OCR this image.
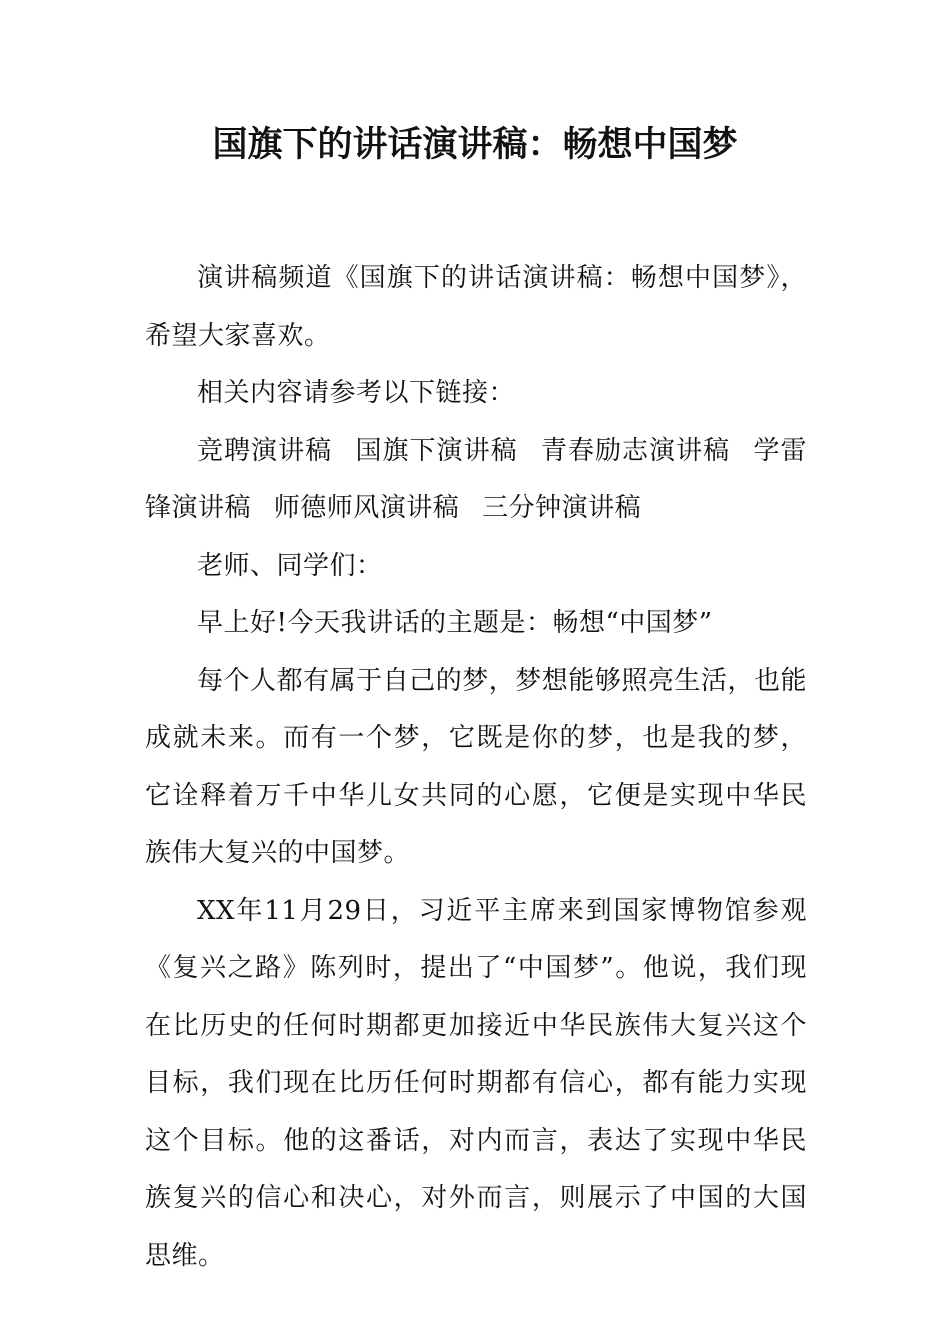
国旗下的讲话演讲稿：畅想中国梦

演讲稿频道《国旗下的讲话演讲稿：畅想中国梦》，希望大家喜欢。

相关内容请参考以下链接：

竞聘演讲稿 国旗下演讲稿 青春励志演讲稿 学雷锋演讲稿 师德师风演讲稿 三分钟演讲稿

老师、同学们：

早上好!今天我讲话的主题是：畅想“中国梦”

每个人都有属于自己的梦，梦想能够照亮生活，也能成就未来。而有一个梦，它既是你的梦，也是我的梦，它诠释着万千中华儿女共同的心愿，它便是实现中华民族伟大复兴的中国梦。

XX年11月29日，习近平主席来到国家博物馆参观《复兴之路》陈列时，提出了“中国梦”。他说，我们现在比历史的任何时期都更加接近中华民族伟大复兴这个目标，我们现在比历任何时期都有信心，都有能力实现这个目标。他的这番话，对内而言，表达了实现中华民族复兴的信心和决心，对外而言，则展示了中国的大国思维。
